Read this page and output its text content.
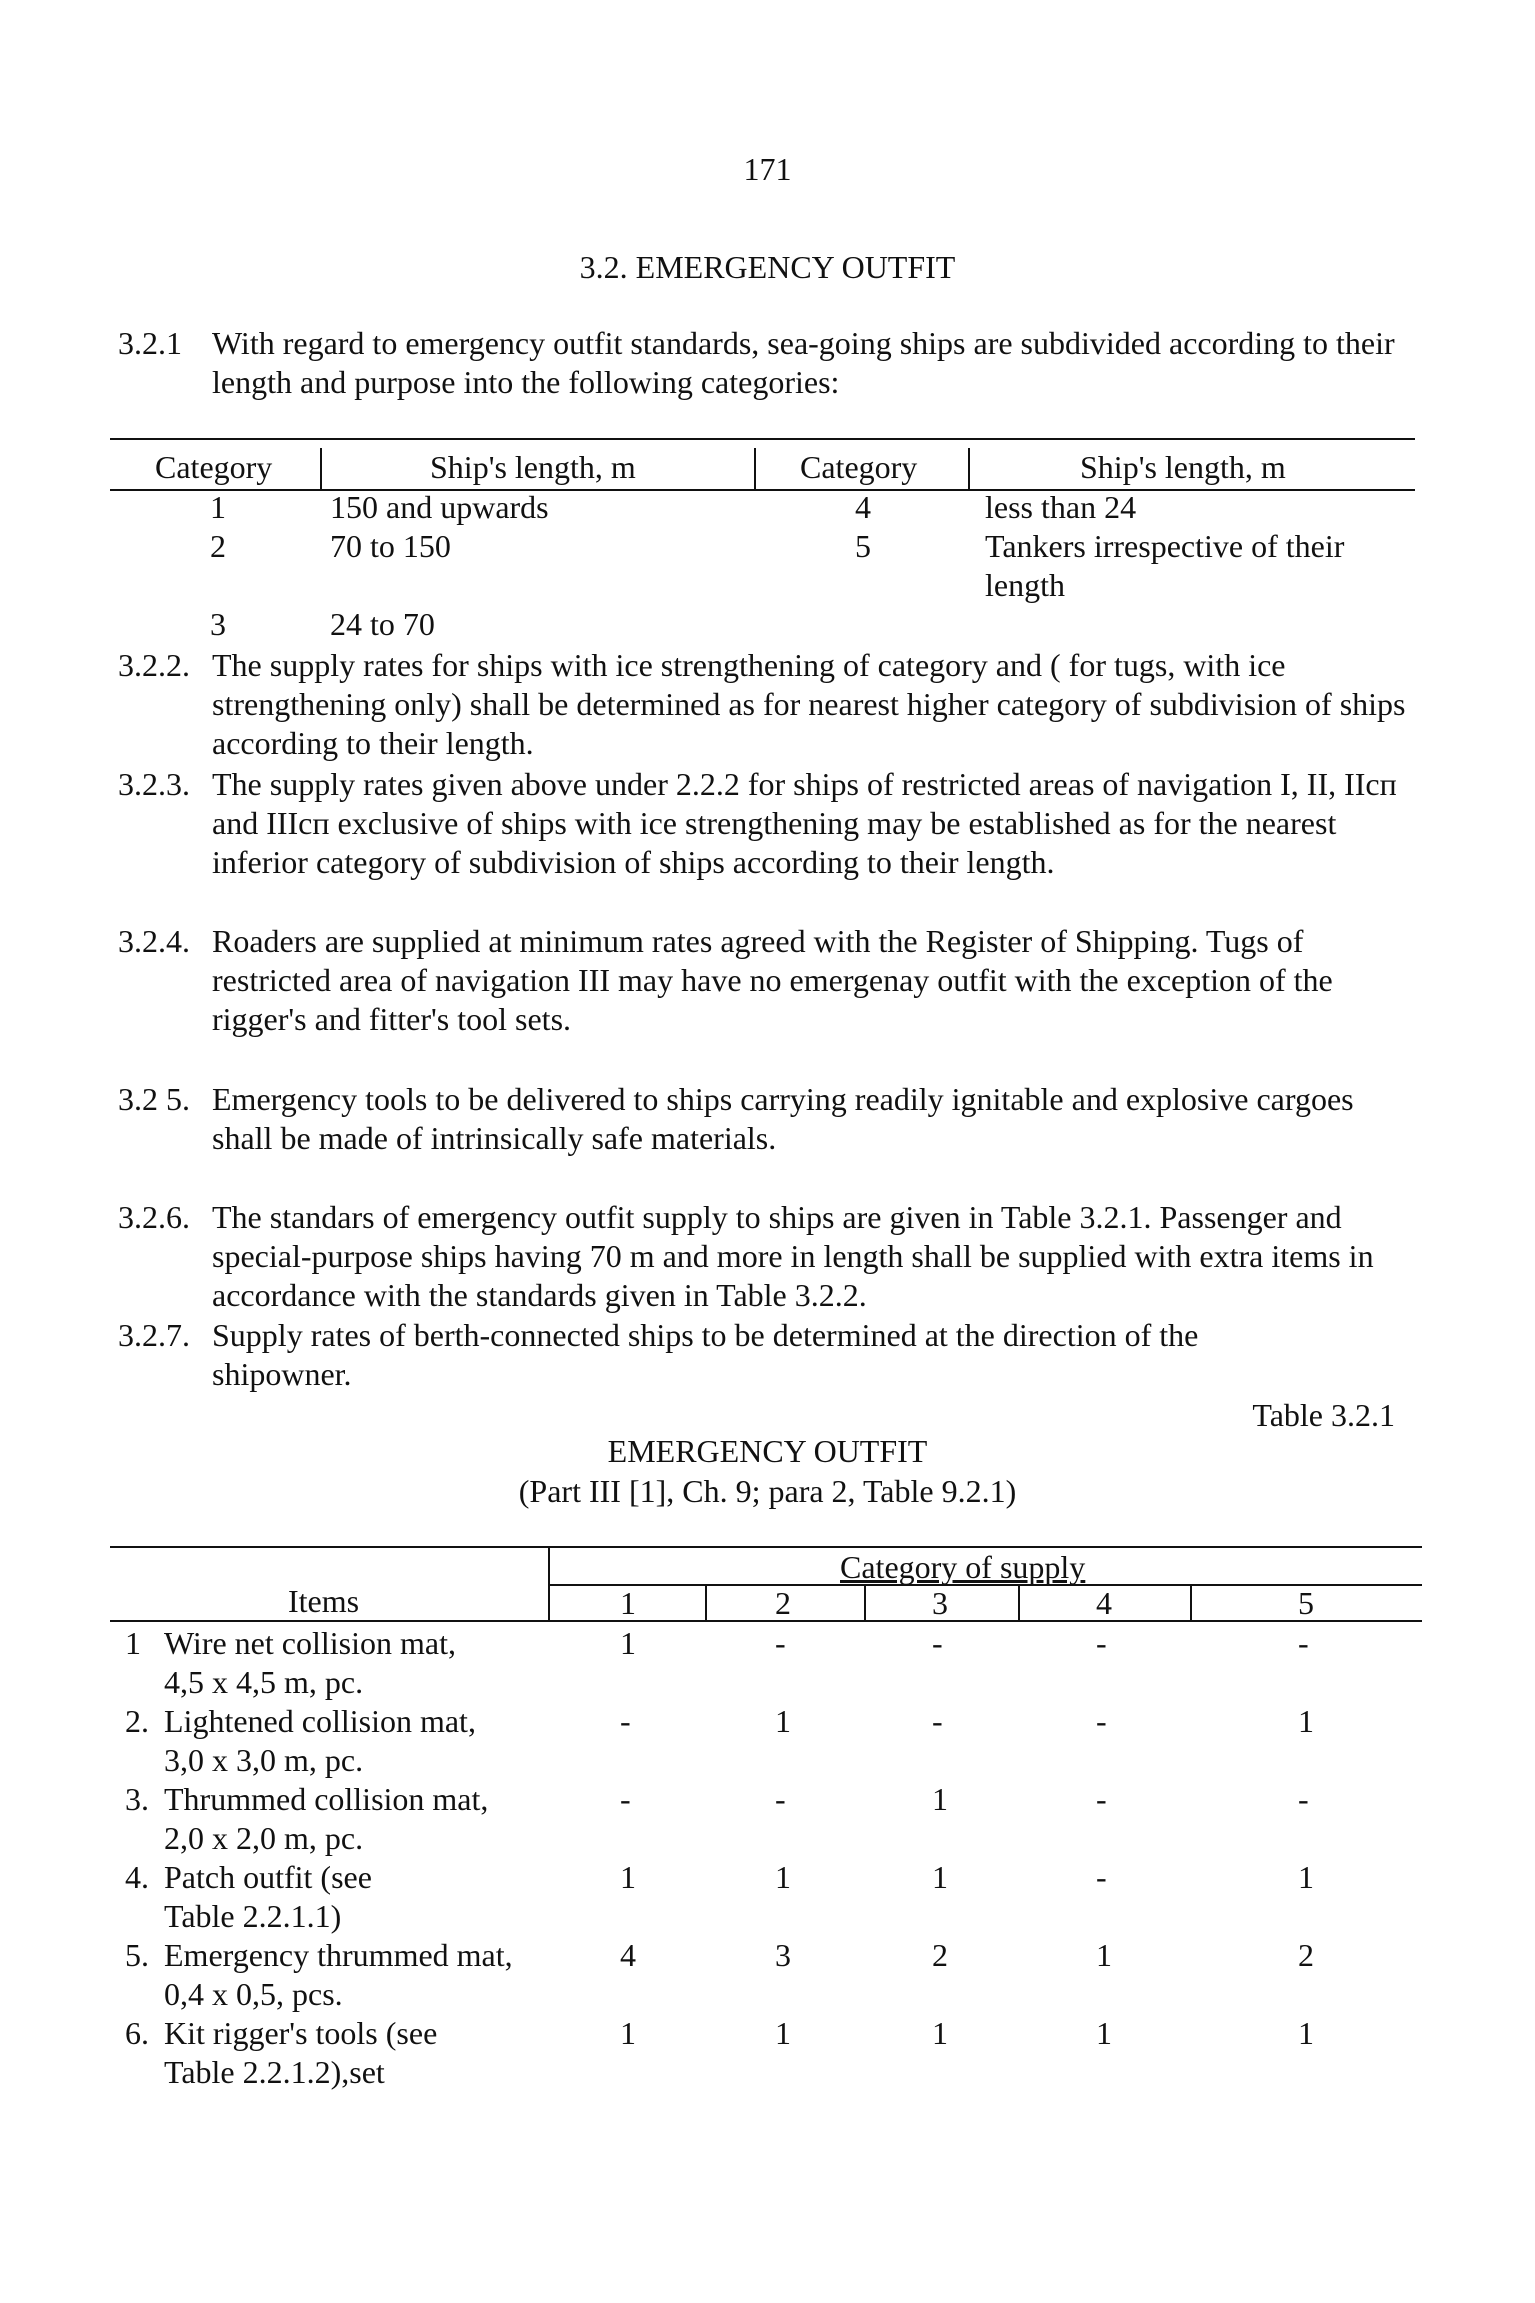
171
3.2. EMERGENCY OUTFIT
3.2.1 With regard to emergency outfit standards, sea-going ships are subdivided according to their length and purpose into the following categories:
Category	Ship's length, m	Category	Ship's length, m
1	150 and upwards	4	less than 24
2	70 to 150	5	Tankers irrespective of their length
3	24 to 70
3.2.2. The supply rates for ships with ice strengthening of category and ( for tugs, with ice strengthening only) shall be determined as for nearest higher category of subdivision of ships according to their length.
3.2.3. The supply rates given above under 2.2.2 for ships of restricted areas of navigation I, II, IIcп and IIIcп exclusive of ships with ice strengthening may be established as for the nearest inferior category of subdivision of ships according to their length.
3.2.4. Roaders are supplied at minimum rates agreed with the Register of Shipping. Tugs of restricted area of navigation III may have no emergenay outfit with the exception of the rigger's and fitter's tool sets.
3.2 5. Emergency tools to be delivered to ships carrying readily ignitable and explosive cargoes shall be made of intrinsically safe materials.
3.2.6. The standars of emergency outfit supply to ships are given in Table 3.2.1. Passenger and special-purpose ships having 70 m and more in length shall be supplied with extra items in accordance with the standards given in Table 3.2.2.
3.2.7. Supply rates of berth-connected ships to be determined at the direction of the shipowner.
Table 3.2.1
EMERGENCY OUTFIT
(Part III [1], Ch. 9; para 2, Table 9.2.1)
Category of supply
Items	1	2	3	4	5
1 Wire net collision mat,
4,5 x 4,5 m, pc.
1	-	-	-	-
2. Lightened collision mat,
3,0 x 3,0 m, pc.
-	1	-	-	1
3. Thrummed collision mat,
2,0 x 2,0 m, pc.
-	-	1	-	-
4. Patch outfit (see
Table 2.2.1.1)
1	1	1	-	1
5. Emergency thrummed mat,
0,4 x 0,5, pcs.
4	3	2	1	2
6. Kit rigger's tools (see
Table 2.2.1.2),set
1	1	1	1	1
